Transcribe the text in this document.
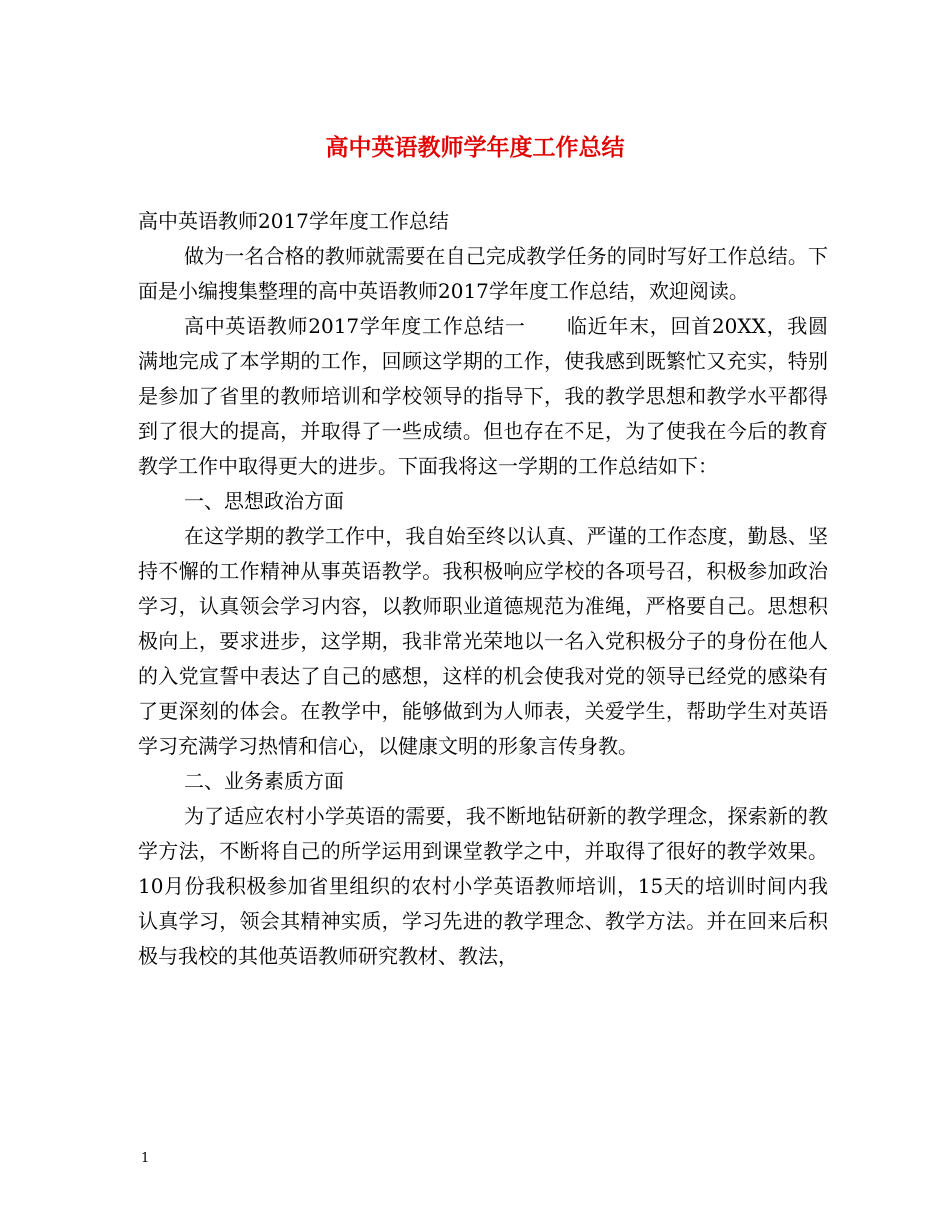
高中英语教师学年度工作总结

高中英语教师2017学年度工作总结

做为一名合格的教师就需要在自己完成教学任务的同时写好工作总结。下面是小编搜集整理的高中英语教师2017学年度工作总结，欢迎阅读。

高中英语教师2017学年度工作总结一　　临近年末，回首20XX，我圆满地完成了本学期的工作，回顾这学期的工作，使我感到既繁忙又充实，特别是参加了省里的教师培训和学校领导的指导下，我的教学思想和教学水平都得到了很大的提高，并取得了一些成绩。但也存在不足，为了使我在今后的教育教学工作中取得更大的进步。下面我将这一学期的工作总结如下：

一、思想政治方面

在这学期的教学工作中，我自始至终以认真、严谨的工作态度，勤恳、坚持不懈的工作精神从事英语教学。我积极响应学校的各项号召，积极参加政治学习，认真领会学习内容，以教师职业道德规范为准绳，严格要自己。思想积极向上，要求进步，这学期，我非常光荣地以一名入党积极分子的身份在他人的入党宣誓中表达了自己的感想，这样的机会使我对党的领导已经党的感染有了更深刻的体会。在教学中，能够做到为人师表，关爱学生，帮助学生对英语学习充满学习热情和信心，以健康文明的形象言传身教。

二、业务素质方面

为了适应农村小学英语的需要，我不断地钻研新的教学理念，探索新的教学方法，不断将自己的所学运用到课堂教学之中，并取得了很好的教学效果。10月份我积极参加省里组织的农村小学英语教师培训，15天的培训时间内我认真学习，领会其精神实质，学习先进的教学理念、教学方法。并在回来后积极与我校的其他英语教师研究教材、教法，

1
